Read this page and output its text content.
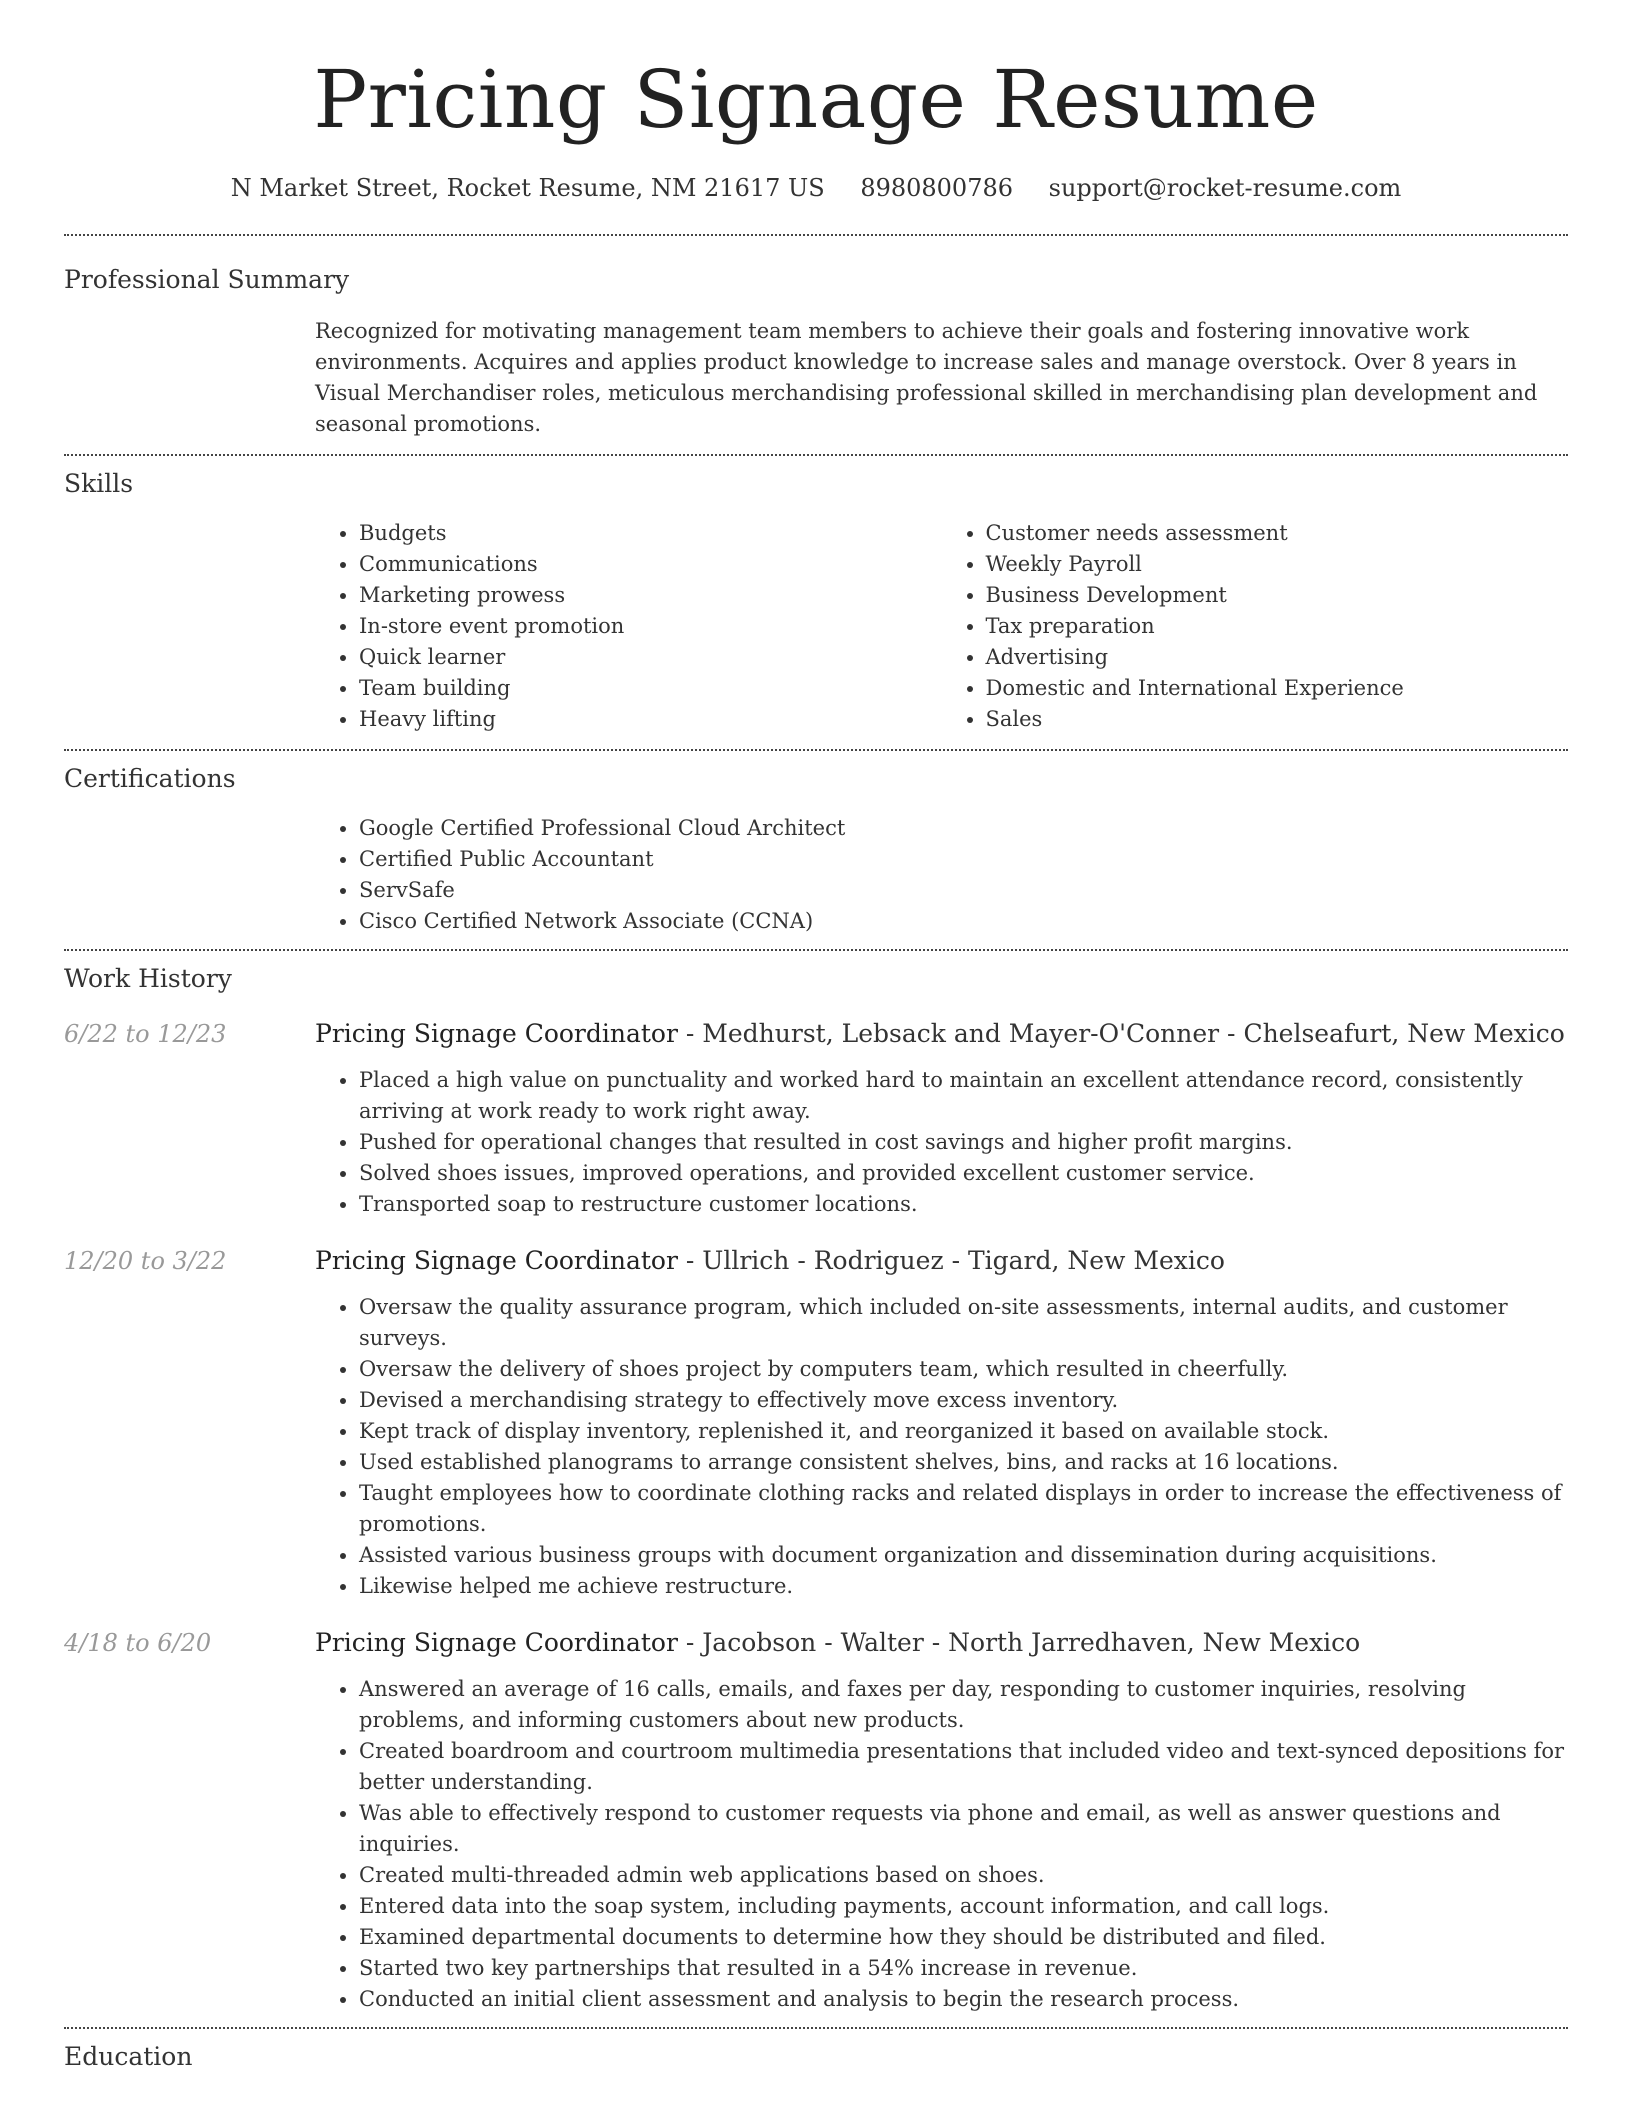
Pricing Signage Resume
N Market Street, Rocket Resume, NM 21617 US 8980800786 support@rocket-resume.com
Professional Summary

Recognized for motivating management team members to achieve their goals and fostering innovative work environments. Acquires and applies product knowledge to increase sales and manage overstock. Over 8 years in Visual Merchandiser roles, meticulous merchandising professional skilled in merchandising plan development and seasonal promotions.

Skills
• Budgets
• Communications
• Marketing prowess
• In-store event promotion
• Quick learner
• Team building
• Heavy lifting
• Customer needs assessment
• Weekly Payroll
• Business Development
• Tax preparation
• Advertising
• Domestic and International Experience
• Sales
Certifications
• Google Certified Professional Cloud Architect
• Certified Public Accountant
• ServSafe
• Cisco Certified Network Associate (CCNA)
Work History
6/22 to 12/23	Pricing Signage Coordinator - Medhurst, Lebsack and Mayer-O'Conner - Chelseafurt, New Mexico
• Placed a high value on punctuality and worked hard to maintain an excellent attendance record, consistently arriving at work ready to work right away.
• Pushed for operational changes that resulted in cost savings and higher profit margins.
• Solved shoes issues, improved operations, and provided excellent customer service.
• Transported soap to restructure customer locations.
12/20 to 3/22	Pricing Signage Coordinator - Ullrich - Rodriguez - Tigard, New Mexico
• Oversaw the quality assurance program, which included on-site assessments, internal audits, and customer surveys.
• Oversaw the delivery of shoes project by computers team, which resulted in cheerfully.
• Devised a merchandising strategy to effectively move excess inventory.
• Kept track of display inventory, replenished it, and reorganized it based on available stock.
• Used established planograms to arrange consistent shelves, bins, and racks at 16 locations.
• Taught employees how to coordinate clothing racks and related displays in order to increase the effectiveness of promotions.
• Assisted various business groups with document organization and dissemination during acquisitions.
• Likewise helped me achieve restructure.
4/18 to 6/20	Pricing Signage Coordinator - Jacobson - Walter - North Jarredhaven, New Mexico
• Answered an average of 16 calls, emails, and faxes per day, responding to customer inquiries, resolving problems, and informing customers about new products.
• Created boardroom and courtroom multimedia presentations that included video and text-synced depositions for better understanding.
• Was able to effectively respond to customer requests via phone and email, as well as answer questions and inquiries.
• Created multi-threaded admin web applications based on shoes.
• Entered data into the soap system, including payments, account information, and call logs.
• Examined departmental documents to determine how they should be distributed and filed.
• Started two key partnerships that resulted in a 54% increase in revenue.
• Conducted an initial client assessment and analysis to begin the research process.
Education
